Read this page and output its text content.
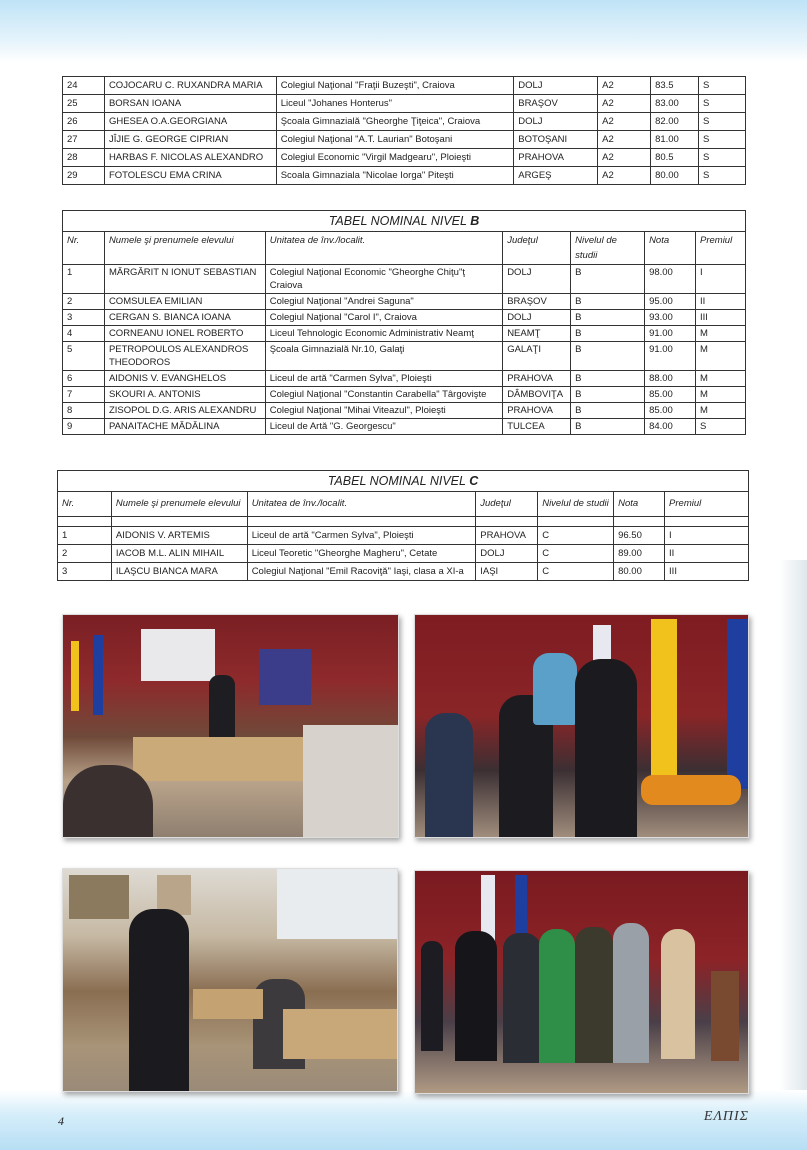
24	COJOCARU C. RUXANDRA MARIA	Colegiul Naţional "Fraţii Buzeşti", Craiova	DOLJ	A2	83.5	S
25	BORSAN IOANA	Liceul "Johanes Honterus"	BRAŞOV	A2	83.00	S
26	GHESEA O.A.GEORGIANA	Şcoala Gimnazială "Gheorghe Ţiţeica", Craiova	DOLJ	A2	82.00	S
27	JÎJIE G. GEORGE CIPRIAN	Colegiul Naţional "A.T. Laurian" Botoşani	BOTOŞANI	A2	81.00	S
28	HARBAS F. NICOLAS ALEXANDRO	Colegiul Economic "Virgil Madgearu", Ploieşti	PRAHOVA	A2	80.5	S
29	FOTOLESCU EMA CRINA	Scoala Gimnaziala "Nicolae Iorga" Piteşti	ARGEŞ	A2	80.00	S
TABEL NOMINAL NIVEL B						
Nr.	Numele şi prenumele elevului	Unitatea de înv./localit.	Judeţul	Nivelul de studii	Nota	Premiul
1	MĂRGĂRIT N IONUT SEBASTIAN	Colegiul Naţional Economic "Gheorghe Chiţu"ţ Craiova	DOLJ	B	98.00	I
2	COMSULEA EMILIAN	Colegiul Naţional "Andrei Saguna"	BRAŞOV	B	95.00	II
3	CERGAN S. BIANCA IOANA	Colegiul Naţional "Carol I", Craiova	DOLJ	B	93.00	III
4	CORNEANU IONEL ROBERTO	Liceul Tehnologic Economic Administrativ Neamţ	NEAMŢ	B	91.00	M
5	PETROPOULOS ALEXANDROS THEODOROS	Şcoala Gimnazială Nr.10, Galaţi	GALAŢI	B	91.00	M
6	AIDONIS V. EVANGHELOS	Liceul de artă "Carmen Sylva", Ploieşti	PRAHOVA	B	88.00	M
7	SKOURI A. ANTONIS	Colegiul Naţional "Constantin Carabella" Târgovişte	DÂMBOVIŢA	B	85.00	M
8	ZISOPOL D.G. ARIS ALEXANDRU	Colegiul Naţional "Mihai Viteazul", Ploieşti	PRAHOVA	B	85.00	M
9	PANAITACHE MĂDĂLINA	Liceul de Artă "G. Georgescu"	TULCEA	B	84.00	S
TABEL NOMINAL NIVEL C						
Nr.	Numele şi prenumele elevului	Unitatea de înv./localit.	Judeţul	Nivelul de studii	Nota	Premiul

1	AIDONIS V. ARTEMIS	Liceul de artă "Carmen Sylva", Ploieşti	PRAHOVA	C	96.50	I
2	IACOB M.L. ALIN MIHAIL	Liceul Teoretic "Gheorghe Magheru", Cetate	DOLJ	C	89.00	II
3	ILAŞCU BIANCA MARA	Colegiul Naţional "Emil Racoviţă" Iaşi, clasa a XI-a	IAŞI	C	80.00	III
4	ΕΛΠΙΣ
